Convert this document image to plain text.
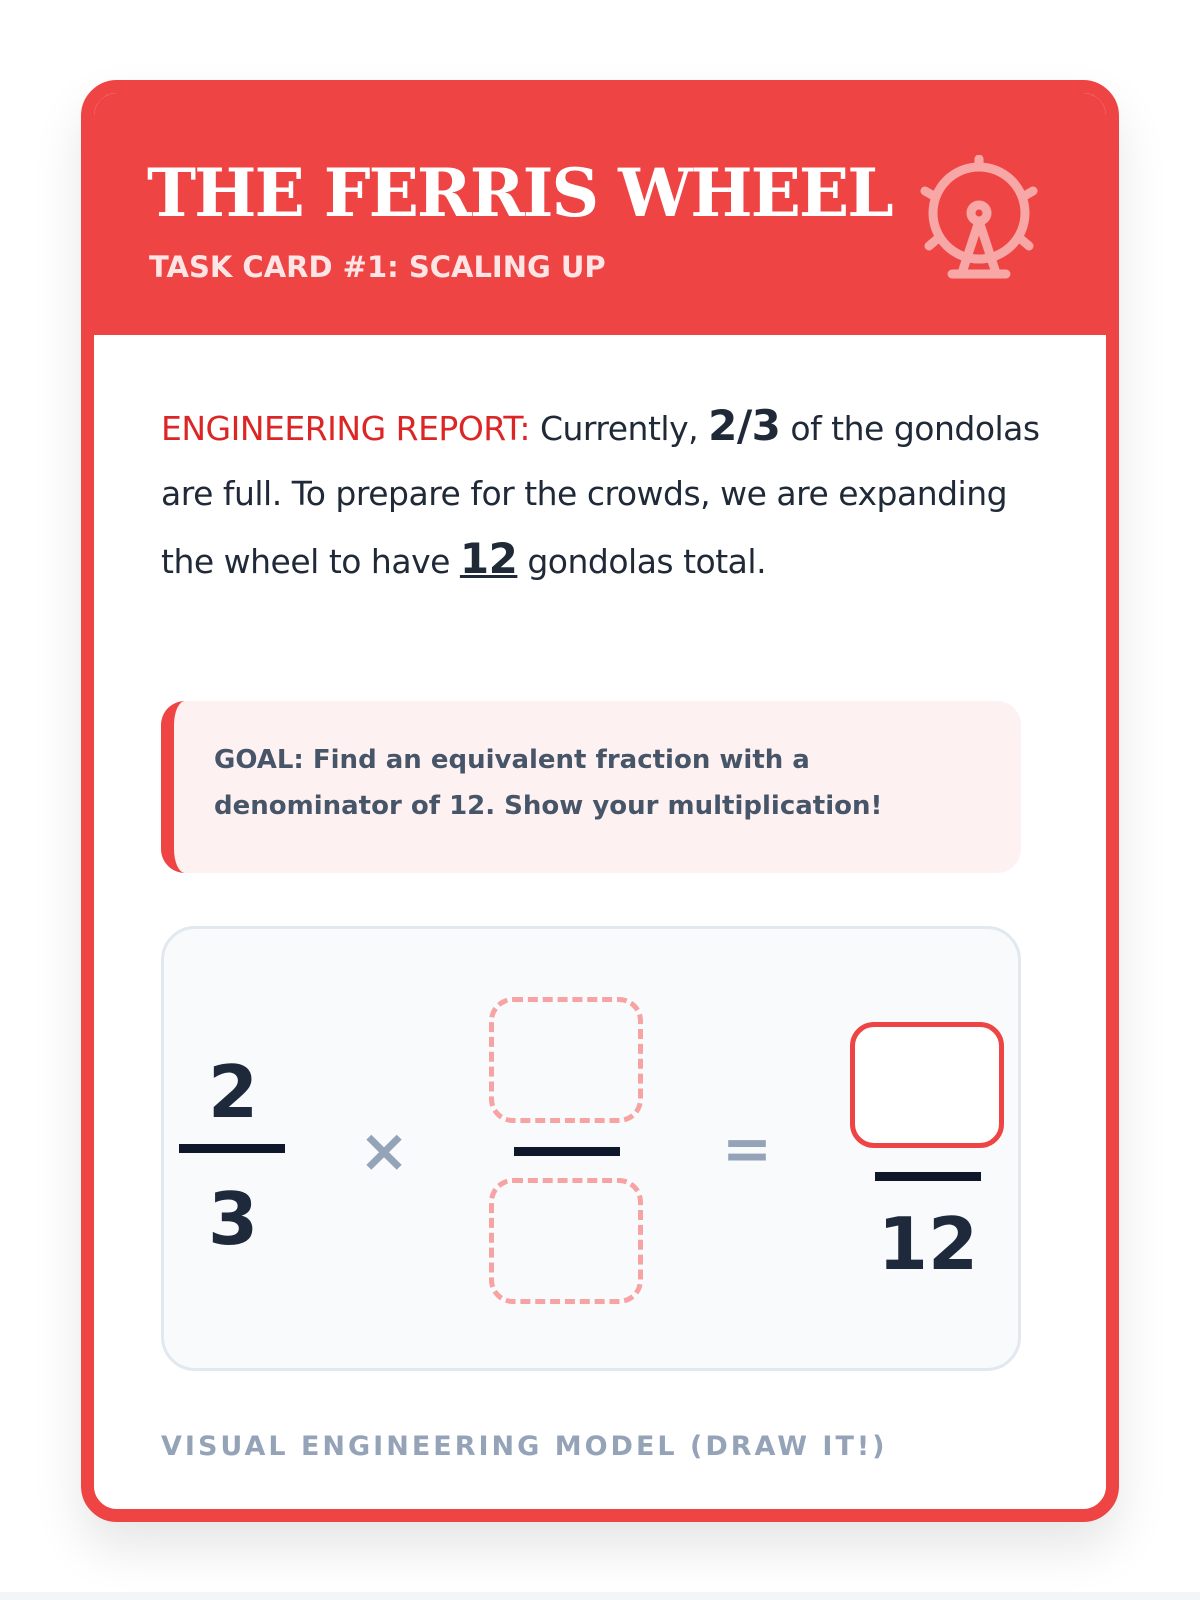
THE FERRIS WHEEL
TASK CARD #1: SCALING UP

ENGINEERING REPORT: Currently, 2/3 of the gondolas are full. To prepare for the crowds, we are expanding the wheel to have 12 gondolas total.

GOAL: Find an equivalent fraction with a denominator of 12. Show your multiplication!

2
3
×	=
12
VISUAL ENGINEERING MODEL (DRAW IT!)
